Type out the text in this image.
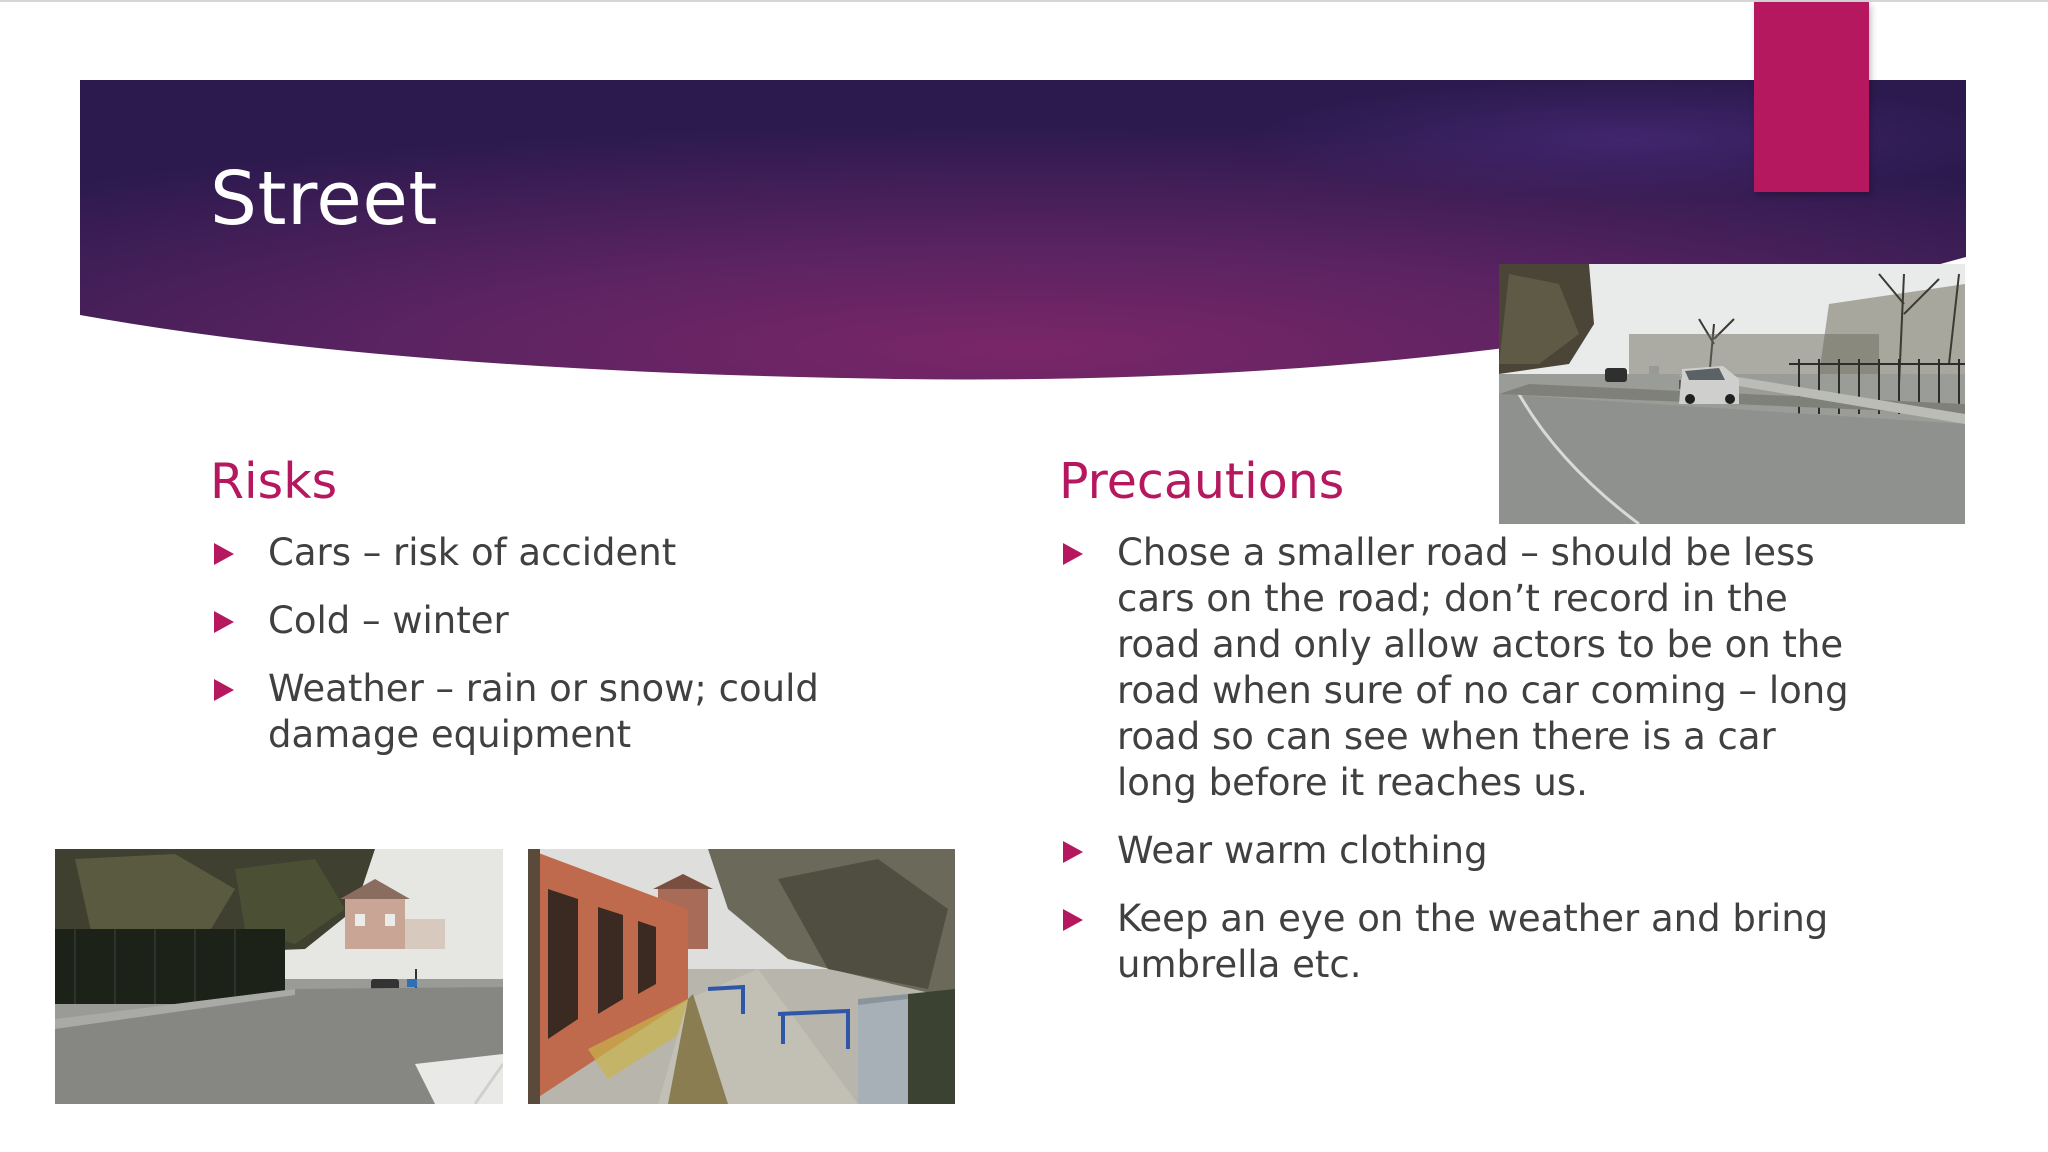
Street
Risks
Cars – risk of accident
Cold – winter
Weather – rain or snow; could damage equipment
Precautions
Chose a smaller road – should be less cars on the road; don’t record in the road and only allow actors to be on the road when sure of no car coming – long road so can see when there is a car long before it reaches us.
Wear warm clothing
Keep an eye on the weather and bring umbrella etc.
